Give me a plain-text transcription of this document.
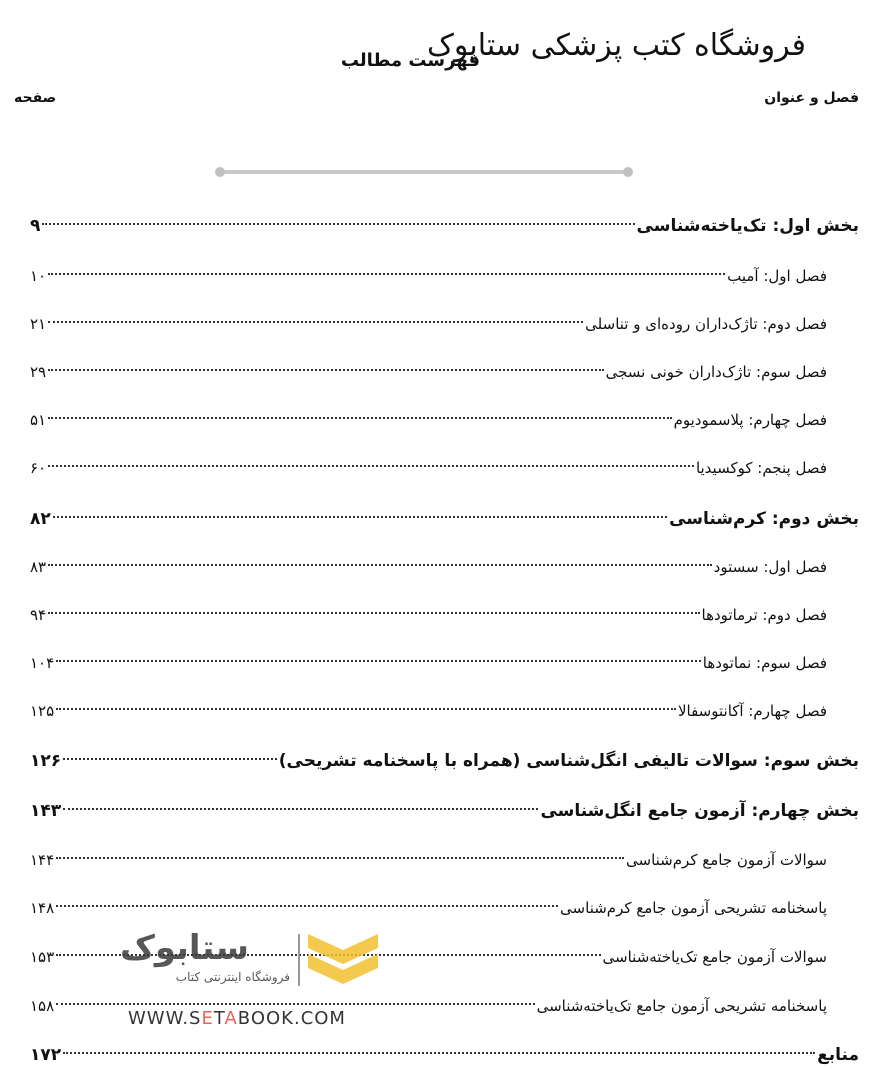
فروشگاه کتب پزشکی ستاپوک
فهرست مطالب
صفحه	فصل و عنوان
بخش اول: تک‌یاخته‌شناسی
۹
فصل اول: آمیب
۱۰
فصل دوم: تاژک‌داران روده‌ای و تناسلی
۲۱
فصل سوم: تاژک‌داران خونی نسجی
۲۹
فصل چهارم: پلاسموديوم
۵۱
فصل پنجم: کوکسیدیا
۶۰
بخش دوم: کرم‌شناسی
۸۲
فصل اول: سستود
۸۳
فصل دوم: ترماتودها
۹۴
فصل سوم: نماتودها
۱۰۴
فصل چهارم: آکانتوسفالا
۱۲۵
بخش سوم: سوالات تالیفی انگل‌شناسی (همراه با پاسخنامه تشریحی)
۱۲۶
بخش چهارم: آزمون جامع انگل‌شناسی
۱۴۳
سوالات آزمون جامع کرم‌شناسی
۱۴۴
پاسخنامه تشریحی آزمون جامع کرم‌شناسی
۱۴۸
سوالات آزمون جامع تک‌یاخته‌شناسی
۱۵۳
پاسخنامه تشریحی آزمون جامع تک‌یاخته‌شناسی
۱۵۸
منابع
۱۷۲
ستابوک
فروشگاه اینترنتی کتاب
WWW.SETABOOK.COM
